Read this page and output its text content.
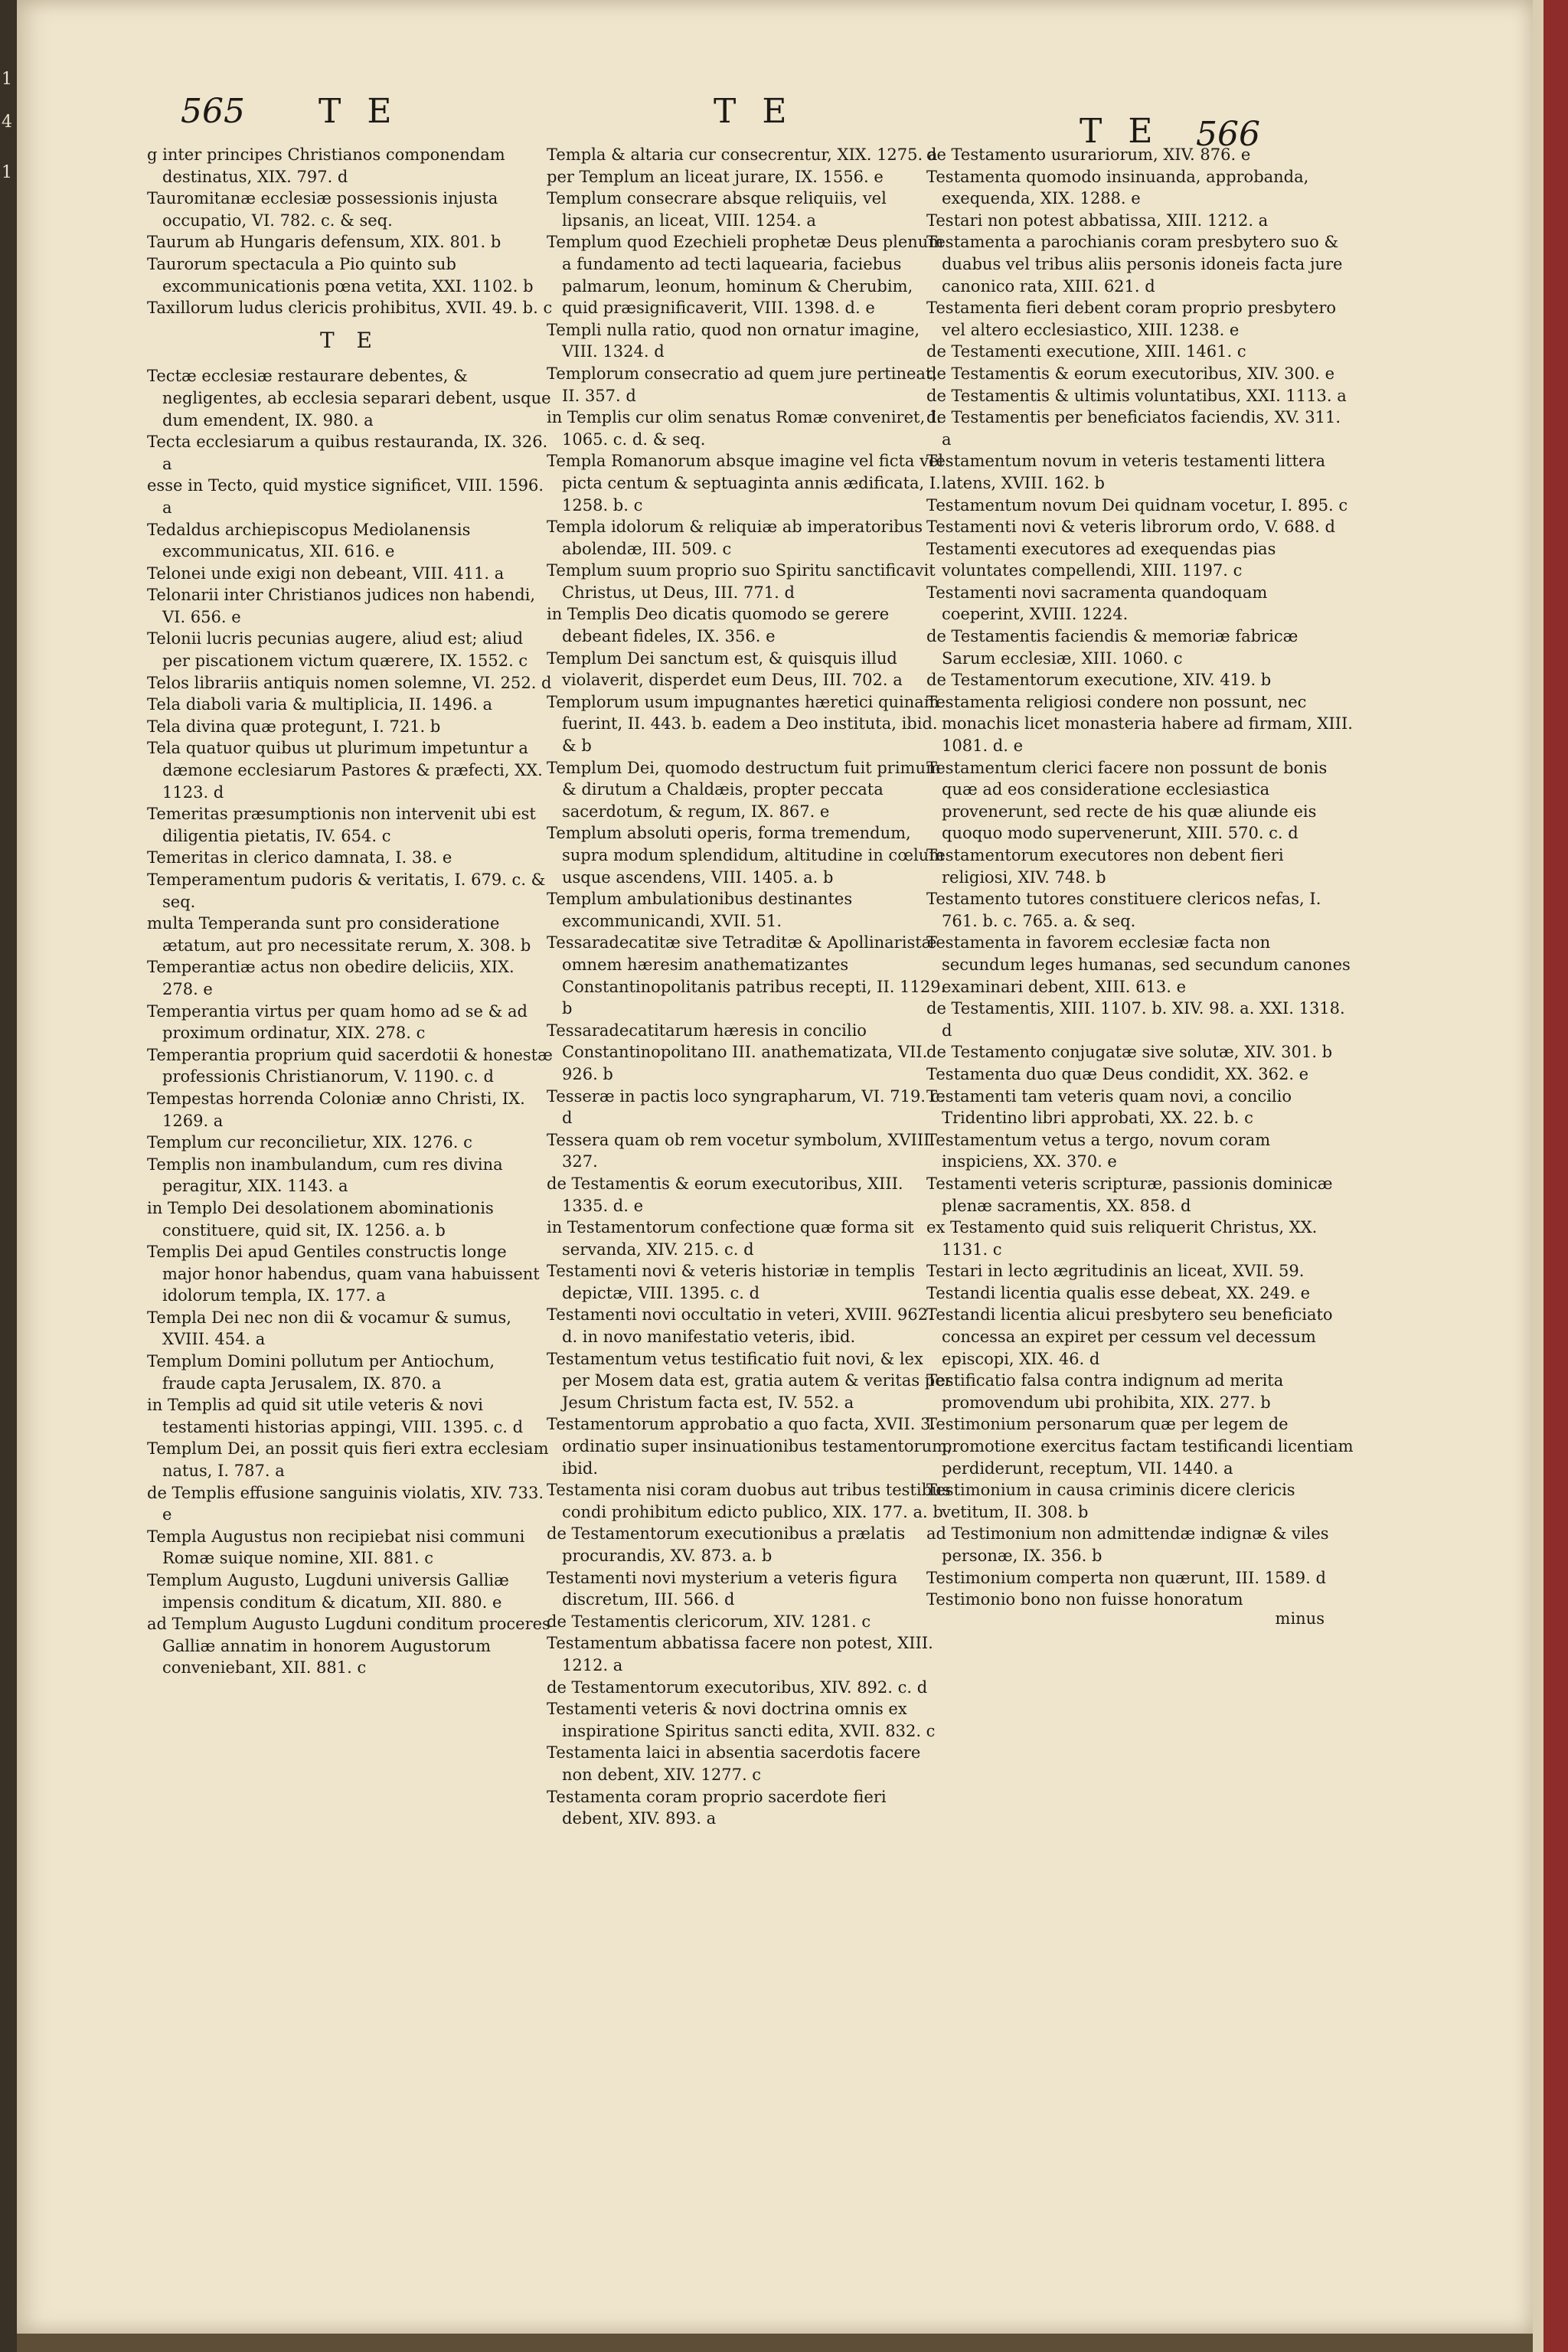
1
4
1
565 T E	T E
T E 566

g inter principes Christianos componendam destinatus, XIX. 797. d

Tauromitanæ ecclesiæ possessionis injusta occupatio, VI. 782. c. & seq.

Taurum ab Hungaris defensum, XIX. 801. b

Taurorum spectacula a Pio quinto sub excommunicationis pœna vetita, XXI. 1102. b

Taxillorum ludus clericis prohibitus, XVII. 49. b. c

T E

Tectæ ecclesiæ restaurare debentes, & negligentes, ab ecclesia separari debent, usque dum emendent, IX. 980. a

Tecta ecclesiarum a quibus restauranda, IX. 326. a

esse in Tecto, quid mystice significet, VIII. 1596. a

Tedaldus archiepiscopus Mediolanensis excommunicatus, XII. 616. e

Telonei unde exigi non debeant, VIII. 411. a

Telonarii inter Christianos judices non habendi, VI. 656. e

Telonii lucris pecunias augere, aliud est; aliud per piscationem victum quærere, IX. 1552. c

Telos librariis antiquis nomen solemne, VI. 252. d

Tela diaboli varia & multiplicia, II. 1496. a

Tela divina quæ protegunt, I. 721. b

Tela quatuor quibus ut plurimum impetuntur a dæmone ecclesiarum Pastores & præfecti, XX. 1123. d

Temeritas præsumptionis non intervenit ubi est diligentia pietatis, IV. 654. c

Temeritas in clerico damnata, I. 38. e

Temperamentum pudoris & veritatis, I. 679. c. & seq.

multa Temperanda sunt pro consideratione ætatum, aut pro necessitate rerum, X. 308. b

Temperantiæ actus non obedire deliciis, XIX. 278. e

Temperantia virtus per quam homo ad se & ad proximum ordinatur, XIX. 278. c

Temperantia proprium quid sacerdotii & honestæ professionis Christianorum, V. 1190. c. d

Tempestas horrenda Coloniæ anno Christi, IX. 1269. a

Templum cur reconcilietur, XIX. 1276. c

Templis non inambulandum, cum res divina peragitur, XIX. 1143. a

in Templo Dei desolationem abominationis constituere, quid sit, IX. 1256. a. b

Templis Dei apud Gentiles constructis longe major honor habendus, quam vana habuissent idolorum templa, IX. 177. a

Templa Dei nec non dii & vocamur & sumus, XVIII. 454. a

Templum Domini pollutum per Antiochum, fraude capta Jerusalem, IX. 870. a

in Templis ad quid sit utile veteris & novi testamenti historias appingi, VIII. 1395. c. d

Templum Dei, an possit quis fieri extra ecclesiam natus, I. 787. a

de Templis effusione sanguinis violatis, XIV. 733. e

Templa Augustus non recipiebat nisi communi Romæ suique nomine, XII. 881. c

Templum Augusto, Lugduni universis Galliæ impensis conditum & dicatum, XII. 880. e

ad Templum Augusto Lugduni conditum proceres Galliæ annatim in honorem Augustorum conveniebant, XII. 881. c

Templa & altaria cur consecrentur, XIX. 1275. a

per Templum an liceat jurare, IX. 1556. e

Templum consecrare absque reliquiis, vel lipsanis, an liceat, VIII. 1254. a

Templum quod Ezechieli prophetæ Deus plenum a fundamento ad tecti laquearia, faciebus palmarum, leonum, hominum & Cherubim, quid præsignificaverit, VIII. 1398. d. e

Templi nulla ratio, quod non ornatur imagine, VIII. 1324. d

Templorum consecratio ad quem jure pertineat, II. 357. d

in Templis cur olim senatus Romæ conveniret, I. 1065. c. d. & seq.

Templa Romanorum absque imagine vel ficta vel picta centum & septuaginta annis ædificata, I. 1258. b. c

Templa idolorum & reliquiæ ab imperatoribus abolendæ, III. 509. c

Templum suum proprio suo Spiritu sanctificavit Christus, ut Deus, III. 771. d

in Templis Deo dicatis quomodo se gerere debeant fideles, IX. 356. e

Templum Dei sanctum est, & quisquis illud violaverit, disperdet eum Deus, III. 702. a

Templorum usum impugnantes hæretici quinam fuerint, II. 443. b. eadem a Deo instituta, ibid. & b

Templum Dei, quomodo destructum fuit primum & dirutum a Chaldæis, propter peccata sacerdotum, & regum, IX. 867. e

Templum absoluti operis, forma tremendum, supra modum splendidum, altitudine in cœlum usque ascendens, VIII. 1405. a. b

Templum ambulationibus destinantes excommunicandi, XVII. 51.

Tessaradecatitæ sive Tetraditæ & Apollinaristæ omnem hæresim anathematizantes Constantinopolitanis patribus recepti, II. 1129. b

Tessaradecatitarum hæresis in concilio Constantinopolitano III. anathematizata, VII. 926. b

Tesseræ in pactis loco syngrapharum, VI. 719. c. d

Tessera quam ob rem vocetur symbolum, XVIII. 327.

de Testamentis & eorum executoribus, XIII. 1335. d. e

in Testamentorum confectione quæ forma sit servanda, XIV. 215. c. d

Testamenti novi & veteris historiæ in templis depictæ, VIII. 1395. c. d

Testamenti novi occultatio in veteri, XVIII. 962. d. in novo manifestatio veteris, ibid.

Testamentum vetus testificatio fuit novi, & lex per Mosem data est, gratia autem & veritas per Jesum Christum facta est, IV. 552. a

Testamentorum approbatio a quo facta, XVII. 3. ordinatio super insinuationibus testamentorum, ibid.

Testamenta nisi coram duobus aut tribus testibus condi prohibitum edicto publico, XIX. 177. a. b

de Testamentorum executionibus a prælatis procurandis, XV. 873. a. b

Testamenti novi mysterium a veteris figura discretum, III. 566. d

de Testamentis clericorum, XIV. 1281. c

Testamentum abbatissa facere non potest, XIII. 1212. a

de Testamentorum executoribus, XIV. 892. c. d

Testamenti veteris & novi doctrina omnis ex inspiratione Spiritus sancti edita, XVII. 832. c

Testamenta laici in absentia sacerdotis facere non debent, XIV. 1277. c

Testamenta coram proprio sacerdote fieri debent, XIV. 893. a

de Testamento usurariorum, XIV. 876. e

Testamenta quomodo insinuanda, approbanda, exequenda, XIX. 1288. e

Testari non potest abbatissa, XIII. 1212. a

Testamenta a parochianis coram presbytero suo & duabus vel tribus aliis personis idoneis facta jure canonico rata, XIII. 621. d

Testamenta fieri debent coram proprio presbytero vel altero ecclesiastico, XIII. 1238. e

de Testamenti executione, XIII. 1461. c

de Testamentis & eorum executoribus, XIV. 300. e

de Testamentis & ultimis voluntatibus, XXI. 1113. a

de Testamentis per beneficiatos faciendis, XV. 311. a

Testamentum novum in veteris testamenti littera latens, XVIII. 162. b

Testamentum novum Dei quidnam vocetur, I. 895. c

Testamenti novi & veteris librorum ordo, V. 688. d

Testamenti executores ad exequendas pias voluntates compellendi, XIII. 1197. c

Testamenti novi sacramenta quandoquam coeperint, XVIII. 1224.

de Testamentis faciendis & memoriæ fabricæ Sarum ecclesiæ, XIII. 1060. c

de Testamentorum executione, XIV. 419. b

Testamenta religiosi condere non possunt, nec monachis licet monasteria habere ad firmam, XIII. 1081. d. e

Testamentum clerici facere non possunt de bonis quæ ad eos consideratione ecclesiastica provenerunt, sed recte de his quæ aliunde eis quoquo modo supervenerunt, XIII. 570. c. d

Testamentorum executores non debent fieri religiosi, XIV. 748. b

Testamento tutores constituere clericos nefas, I. 761. b. c. 765. a. & seq.

Testamenta in favorem ecclesiæ facta non secundum leges humanas, sed secundum canones examinari debent, XIII. 613. e

de Testamentis, XIII. 1107. b. XIV. 98. a. XXI. 1318. d

de Testamento conjugatæ sive solutæ, XIV. 301. b

Testamenta duo quæ Deus condidit, XX. 362. e

Testamenti tam veteris quam novi, a concilio Tridentino libri approbati, XX. 22. b. c

Testamentum vetus a tergo, novum coram inspiciens, XX. 370. e

Testamenti veteris scripturæ, passionis dominicæ plenæ sacramentis, XX. 858. d

ex Testamento quid suis reliquerit Christus, XX. 1131. c

Testari in lecto ægritudinis an liceat, XVII. 59.

Testandi licentia qualis esse debeat, XX. 249. e

Testandi licentia alicui presbytero seu beneficiato concessa an expiret per cessum vel decessum episcopi, XIX. 46. d

Testificatio falsa contra indignum ad merita promovendum ubi prohibita, XIX. 277. b

Testimonium personarum quæ per legem de promotione exercitus factam testificandi licentiam perdiderunt, receptum, VII. 1440. a

Testimonium in causa criminis dicere clericis vetitum, II. 308. b

ad Testimonium non admittendæ indignæ & viles personæ, IX. 356. b

Testimonium comperta non quærunt, III. 1589. d

Testimonio bono non fuisse honoratum

minus
